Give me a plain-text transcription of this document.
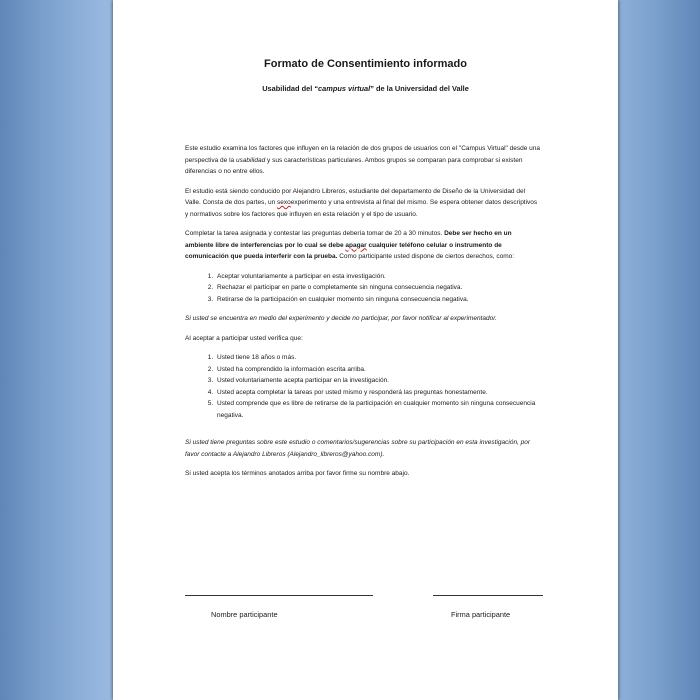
Formato de Consentimiento informado
Usabilidad del “campus virtual” de la Universidad del Valle

Este estudio examina los factores que influyen en la relación de dos grupos de usuarios con el "Campus Virtual" desde una perspectiva de la usabilidad y sus características particulares. Ambos grupos se comparan para comprobar si existen diferencias o no entre ellos.

El estudio está siendo conducido por Alejandro Libreros, estudiante del departamento de Diseño de la Universidad del Valle. Consta de dos partes, un sexoexperimento y una entrevista al final del mismo. Se espera obtener datos descriptivos y normativos sobre los factores que influyen en esta relación y el tipo de usuario.

Completar la tarea asignada y contestar las preguntas debería tomar de 20 a 30 minutos. Debe ser hecho en un ambiente libre de interferencias por lo cual se debe apagar cualquier teléfono celular o instrumento de comunicación que pueda interferir con la prueba. Como participante usted dispone de ciertos derechos, como:

1. Aceptar voluntariamente a participar en esta investigación.
2. Rechazar el participar en parte o completamente sin ninguna consecuencia negativa.
3. Retirarse de la participación en cualquier momento sin ninguna consecuencia negativa.

Si usted se encuentra en medio del experimento y decide no participar, por favor notificar al experimentador.

Al aceptar a participar usted verifica que:

1. Usted tiene 18 años o más.
2. Usted ha comprendido la información escrita arriba.
3. Usted voluntariamente acepta participar en la investigación.
4. Usted acepta completar la tareas por usted mismo y responderá las preguntas honestamente.
5. Usted comprende que es libre de retirarse de la participación en cualquier momento sin ninguna consecuencia negativa.

Si usted tiene preguntas sobre este estudio o comentarios/sugerencias sobre su participación en esta investigación, por favor contacte a Alejandro Libreros (Alejandro_libreros@yahoo.com).

Si usted acepta los términos anotados arriba por favor firme su nombre abajo.

Nombre participante	Firma participante
